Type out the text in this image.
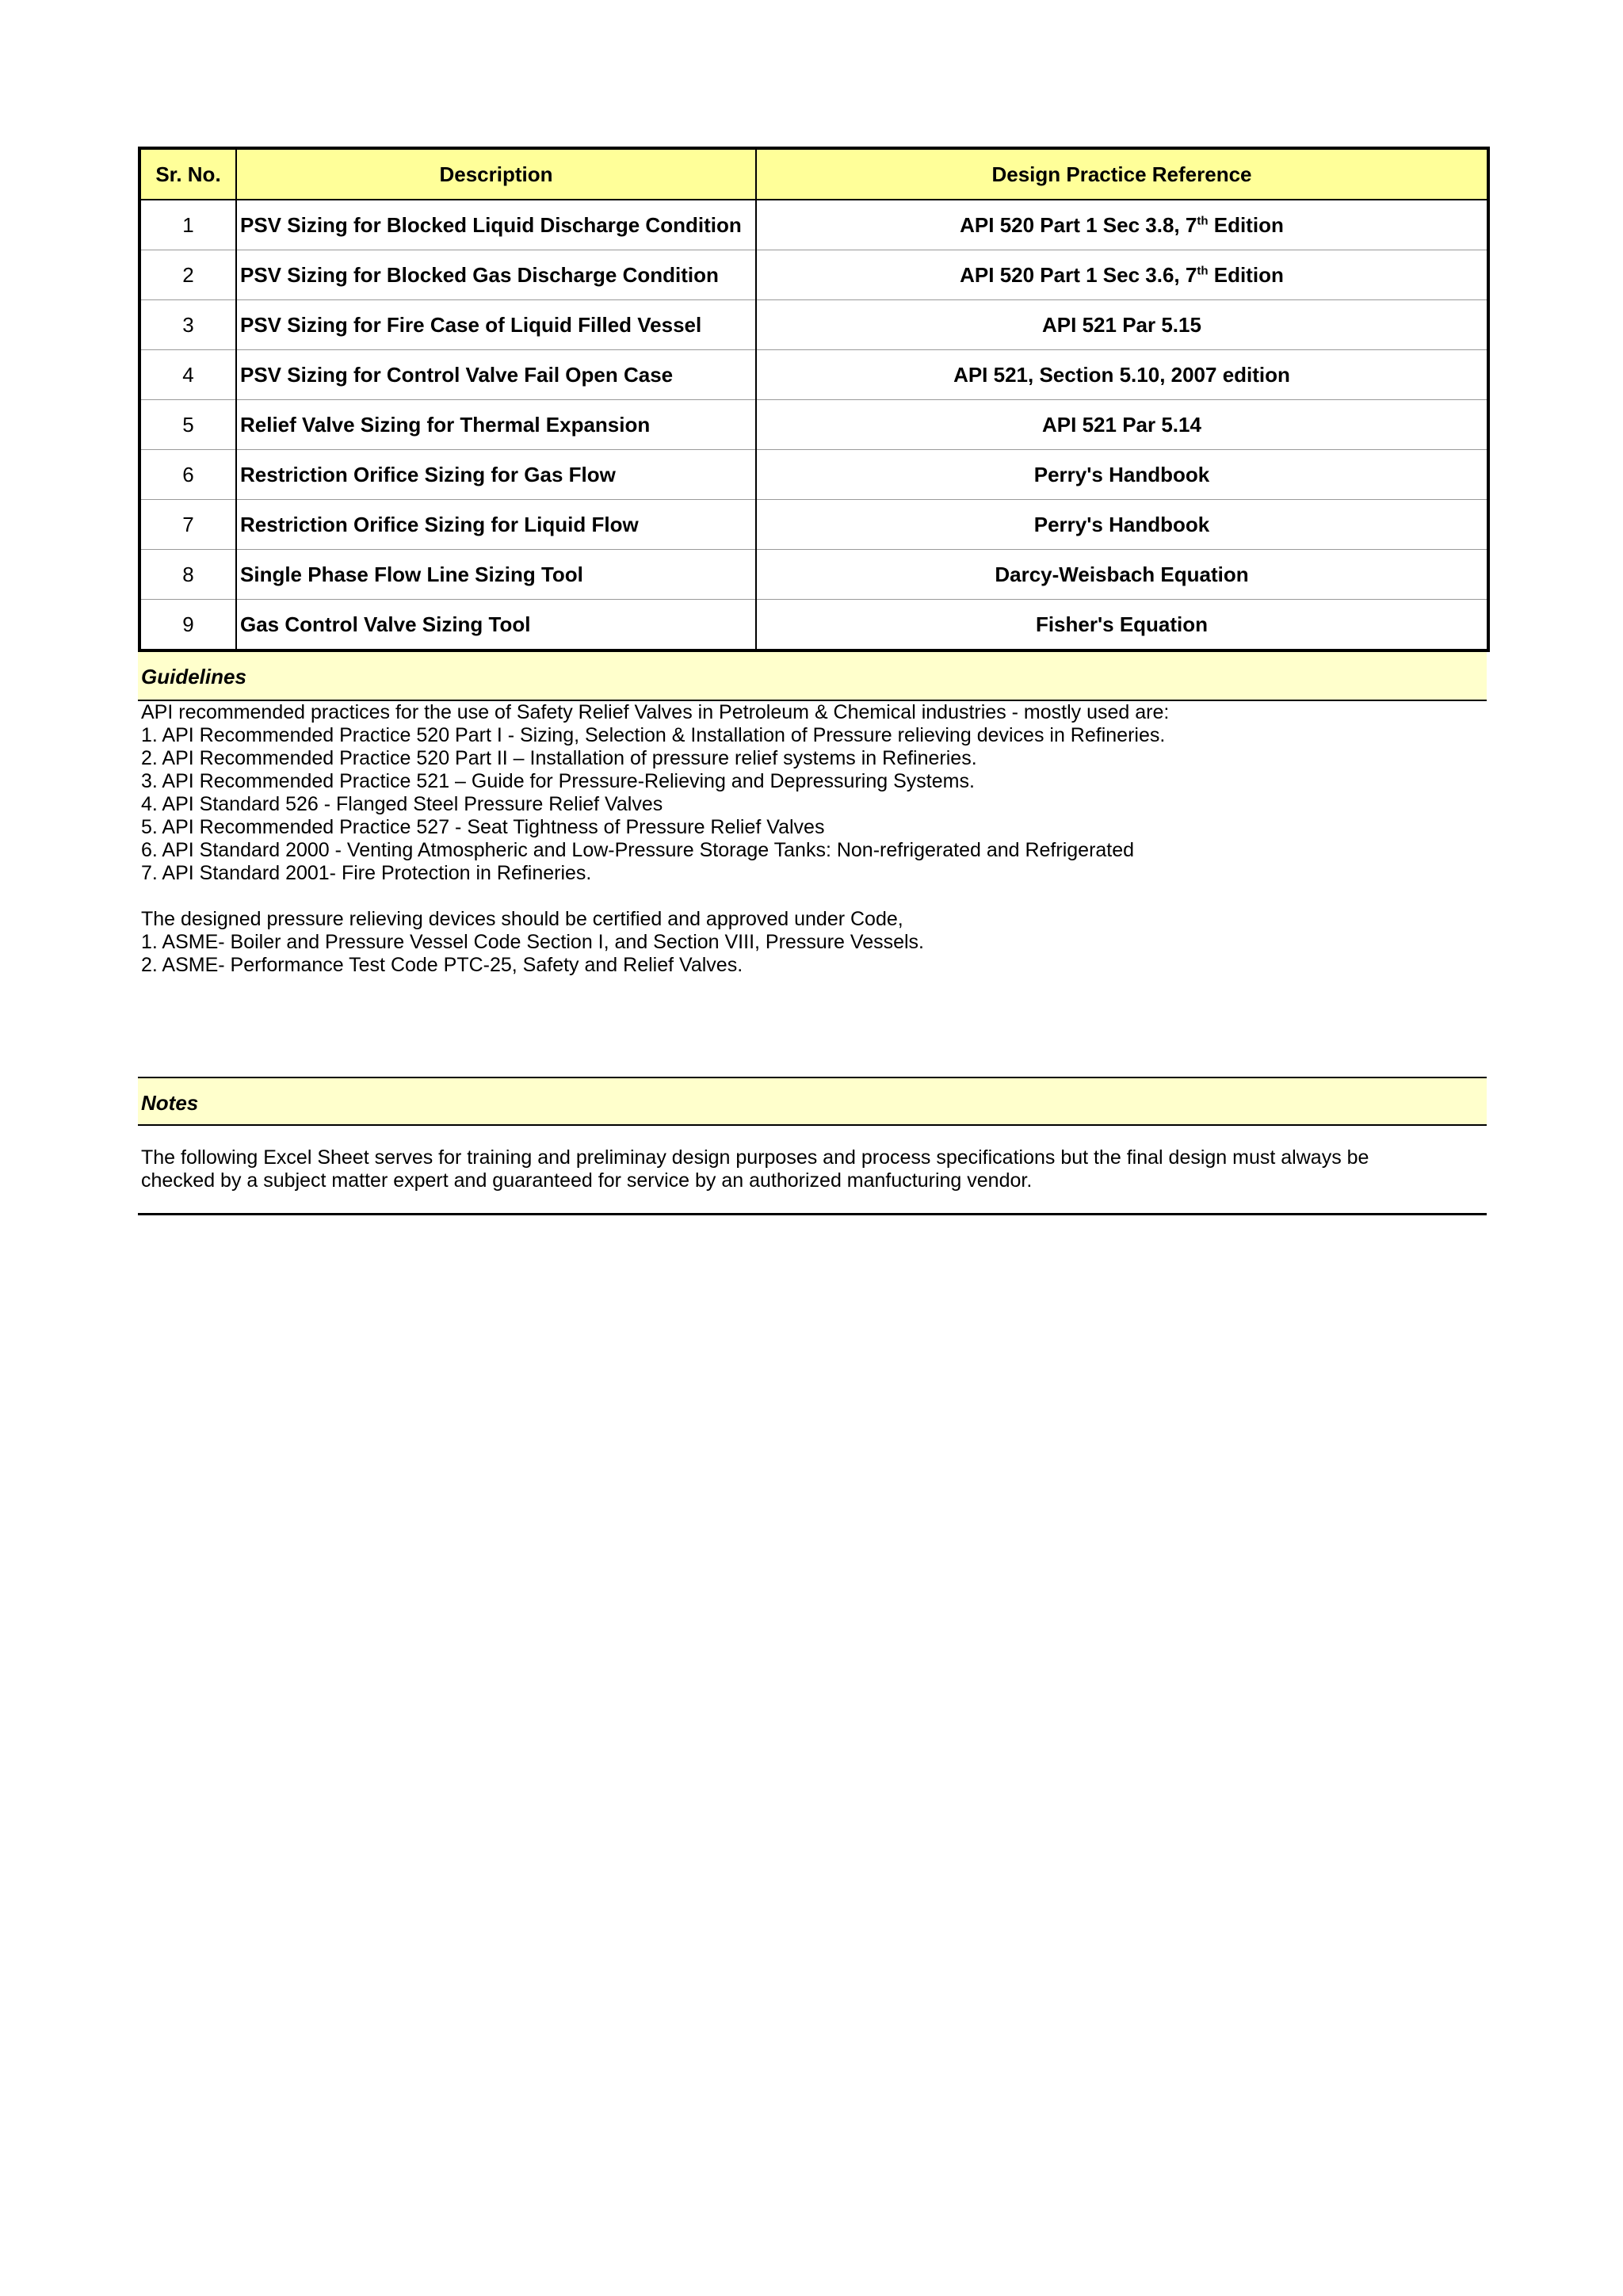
Sr. No.	Description	Design Practice Reference
1	PSV Sizing for Blocked Liquid Discharge Condition	API 520 Part 1 Sec 3.8, 7th Edition
2	PSV Sizing for Blocked Gas Discharge Condition	API 520 Part 1 Sec 3.6, 7th Edition
3	PSV Sizing for Fire Case of Liquid Filled Vessel	API 521 Par 5.15
4	PSV Sizing for Control Valve Fail Open Case	API 521, Section 5.10, 2007 edition
5	Relief Valve Sizing for Thermal Expansion	API 521 Par 5.14
6	Restriction Orifice Sizing for Gas Flow	Perry's Handbook
7	Restriction Orifice Sizing for Liquid Flow	Perry's Handbook
8	Single Phase Flow Line Sizing Tool	Darcy-Weisbach Equation
9	Gas Control Valve Sizing Tool	Fisher's Equation
Guidelines
API recommended practices for the use of Safety Relief Valves in Petroleum & Chemical industries - mostly used are:
1. API Recommended Practice 520 Part I - Sizing, Selection & Installation of Pressure relieving devices in Refineries.
2. API Recommended Practice 520 Part II – Installation of pressure relief systems in Refineries.
3. API Recommended Practice 521 – Guide for Pressure-Relieving and Depressuring Systems.
4. API Standard 526 - Flanged Steel Pressure Relief Valves
5. API Recommended Practice 527 - Seat Tightness of Pressure Relief Valves
6. API Standard 2000 - Venting Atmospheric and Low-Pressure Storage Tanks: Non-refrigerated and Refrigerated
7. API Standard 2001- Fire Protection in Refineries.
The designed pressure relieving devices should be certified and approved under Code,
1. ASME- Boiler and Pressure Vessel Code Section I, and Section VIII, Pressure Vessels.
2. ASME- Performance Test Code PTC-25, Safety and Relief Valves.
Notes
The following Excel Sheet serves for training and preliminay design purposes and process specifications but the final design must always be
checked by a subject matter expert and guaranteed for service by an authorized manfucturing vendor.
